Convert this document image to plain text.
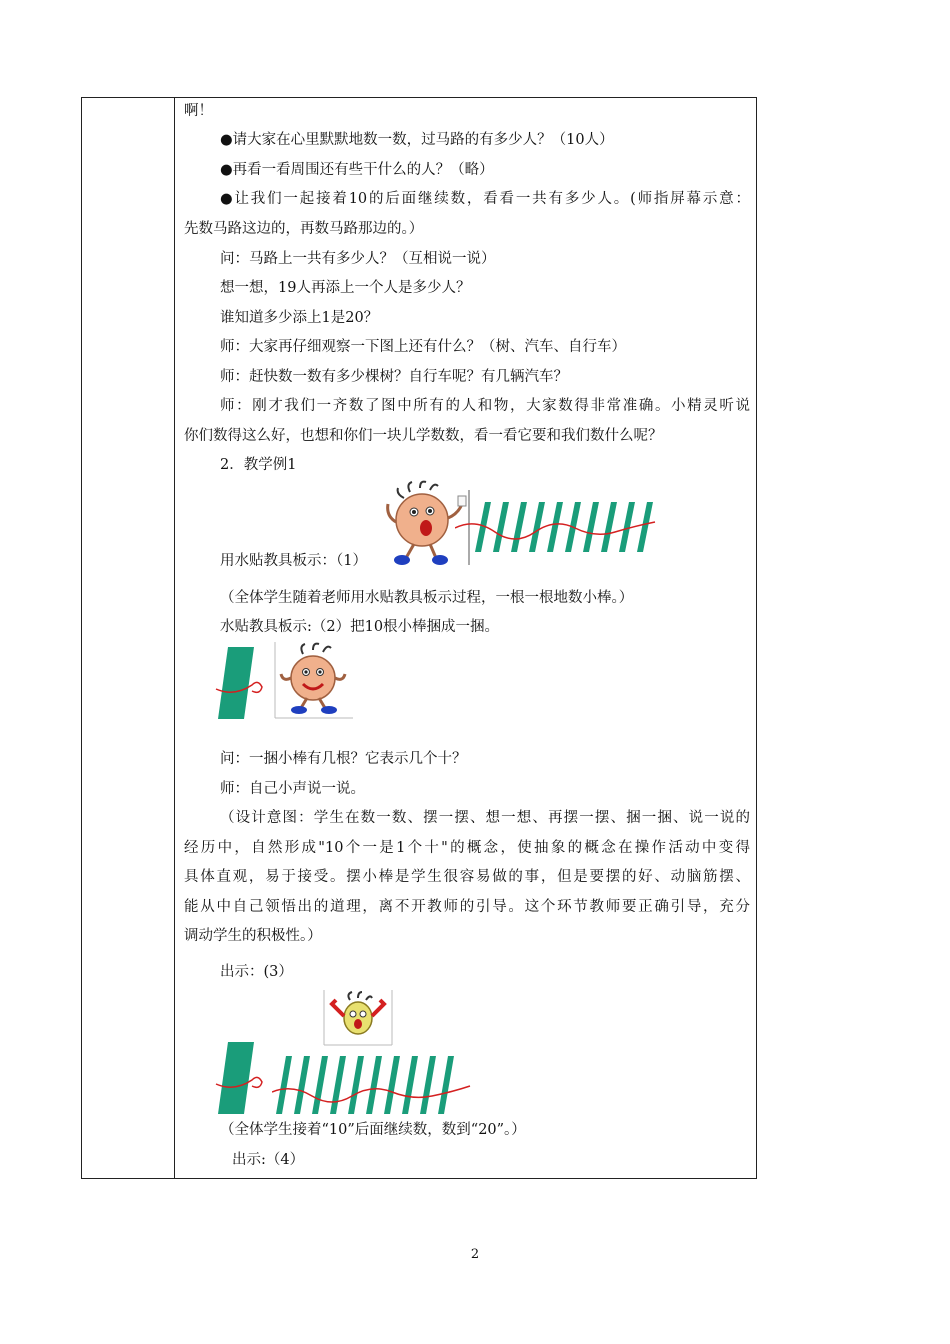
啊！
●请大家在心里默默地数一数，过马路的有多少人？（10人）
●再看一看周围还有些干什么的人？（略）
●让我们一起接着10的后面继续数，看看一共有多少人。(师指屏幕示意：
先数马路这边的，再数马路那边的。）
问：马路上一共有多少人？（互相说一说）
想一想，19人再添上一个人是多少人？
谁知道多少添上1是20？
师：大家再仔细观察一下图上还有什么？（树、汽车、自行车）
师：赶快数一数有多少棵树？自行车呢？有几辆汽车？
师：刚才我们一齐数了图中所有的人和物，大家数得非常准确。小精灵听说
你们数得这么好，也想和你们一块儿学数数，看一看它要和我们数什么呢？
2．教学例1
用水贴教具板示：（1）
（全体学生随着老师用水贴教具板示过程，一根一根地数小棒。）
水贴教具板示:（2）把10根小棒捆成一捆。
问：一捆小棒有几根？它表示几个十？
师：自己小声说一说。
（设计意图：学生在数一数、摆一摆、想一想、再摆一摆、捆一捆、说一说的
经历中，自然形成"10个一是1个十"的概念，使抽象的概念在操作活动中变得
具体直观，易于接受。摆小棒是学生很容易做的事，但是要摆的好、动脑筋摆、
能从中自己领悟出的道理，离不开教师的引导。这个环节教师要正确引导，充分
调动学生的积极性。）
出示：(3）
（全体学生接着“10”后面继续数，数到“20”。）
出示:（4）
2
